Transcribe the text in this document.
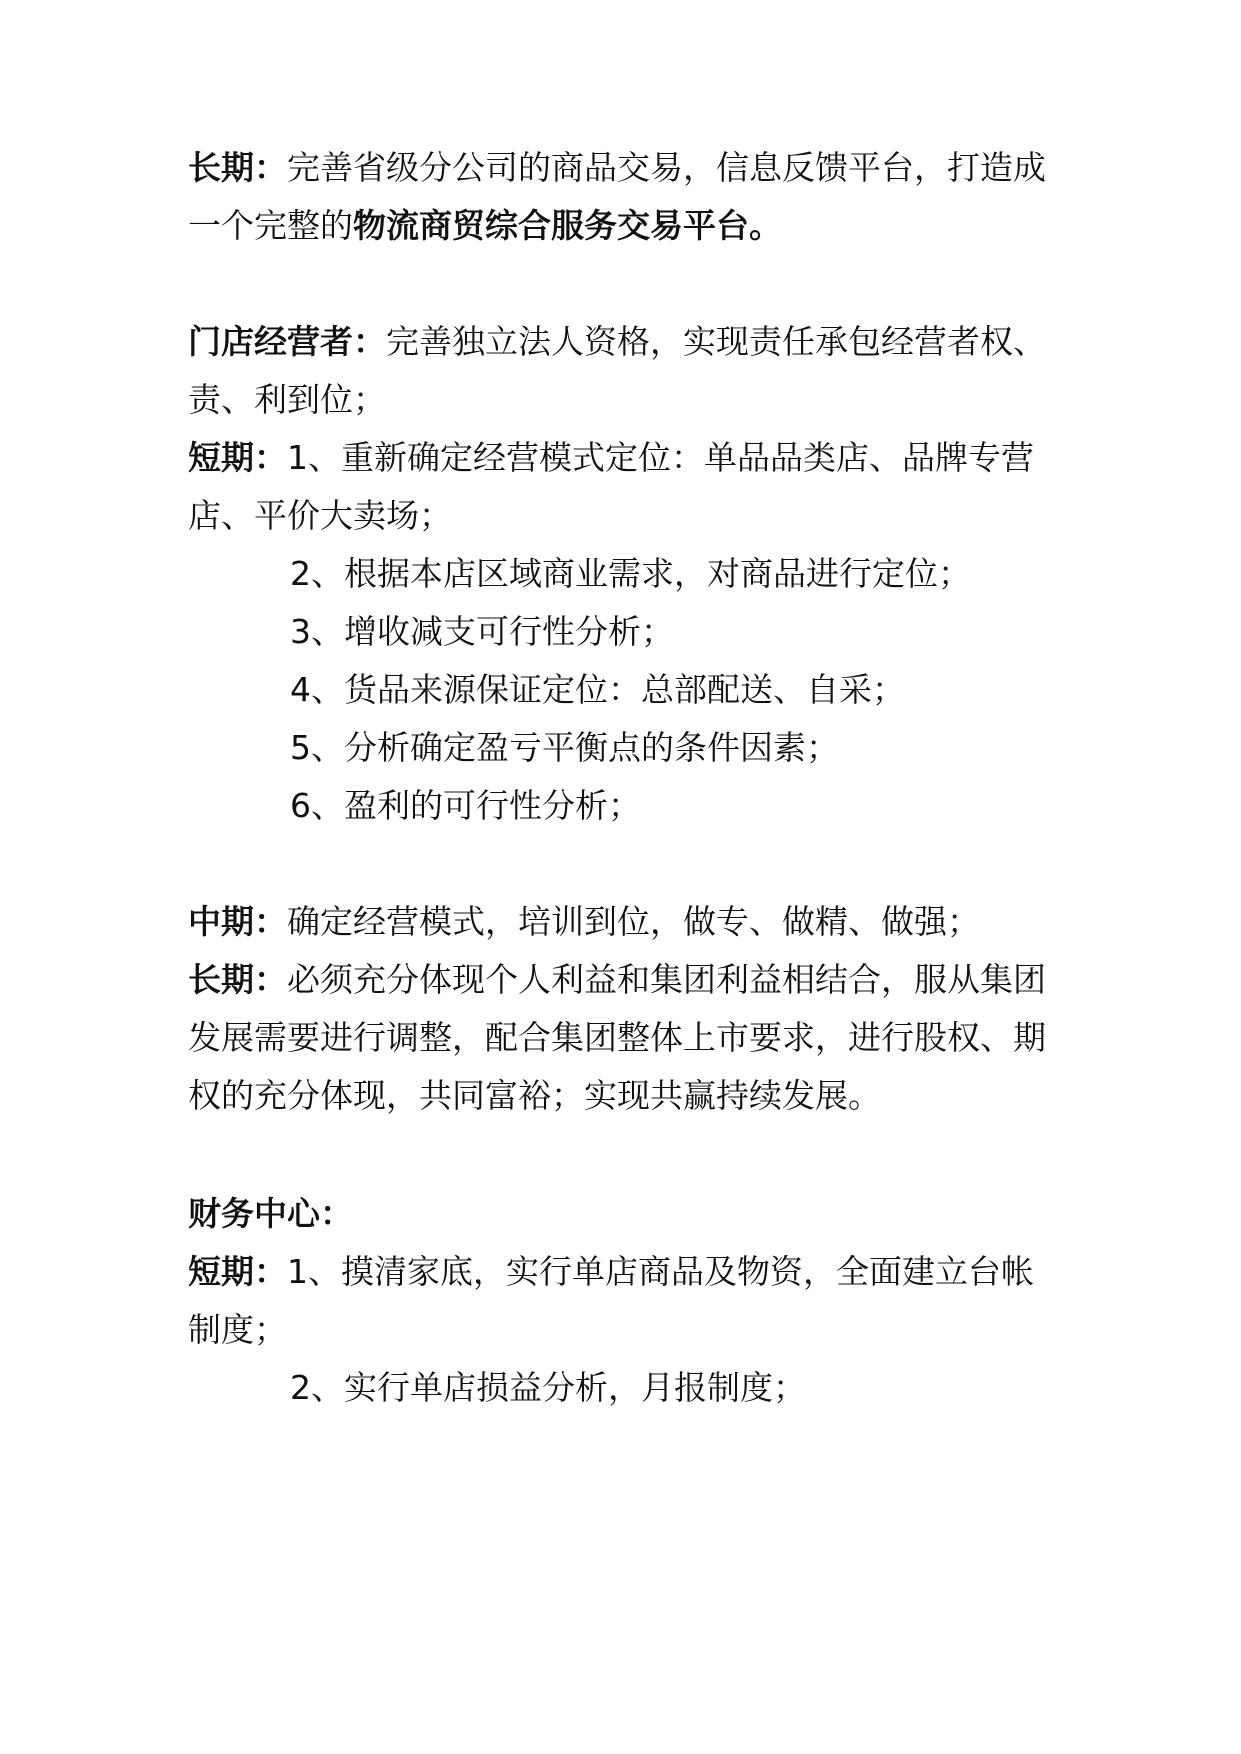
长期：完善省级分公司的商品交易，信息反馈平台，打造成
一个完整的物流商贸综合服务交易平台。
门店经营者：完善独立法人资格，实现责任承包经营者权、
责、利到位；
短期：1、重新确定经营模式定位：单品品类店、品牌专营
店、平价大卖场；
2、根据本店区域商业需求，对商品进行定位；
3、增收减支可行性分析；
4、货品来源保证定位：总部配送、自采；
5、分析确定盈亏平衡点的条件因素；
6、盈利的可行性分析；
中期：确定经营模式，培训到位，做专、做精、做强；
长期：必须充分体现个人利益和集团利益相结合，服从集团
发展需要进行调整，配合集团整体上市要求，进行股权、期
权的充分体现，共同富裕；实现共赢持续发展。
财务中心：
短期：1、摸清家底，实行单店商品及物资，全面建立台帐
制度；
2、实行单店损益分析，月报制度；
